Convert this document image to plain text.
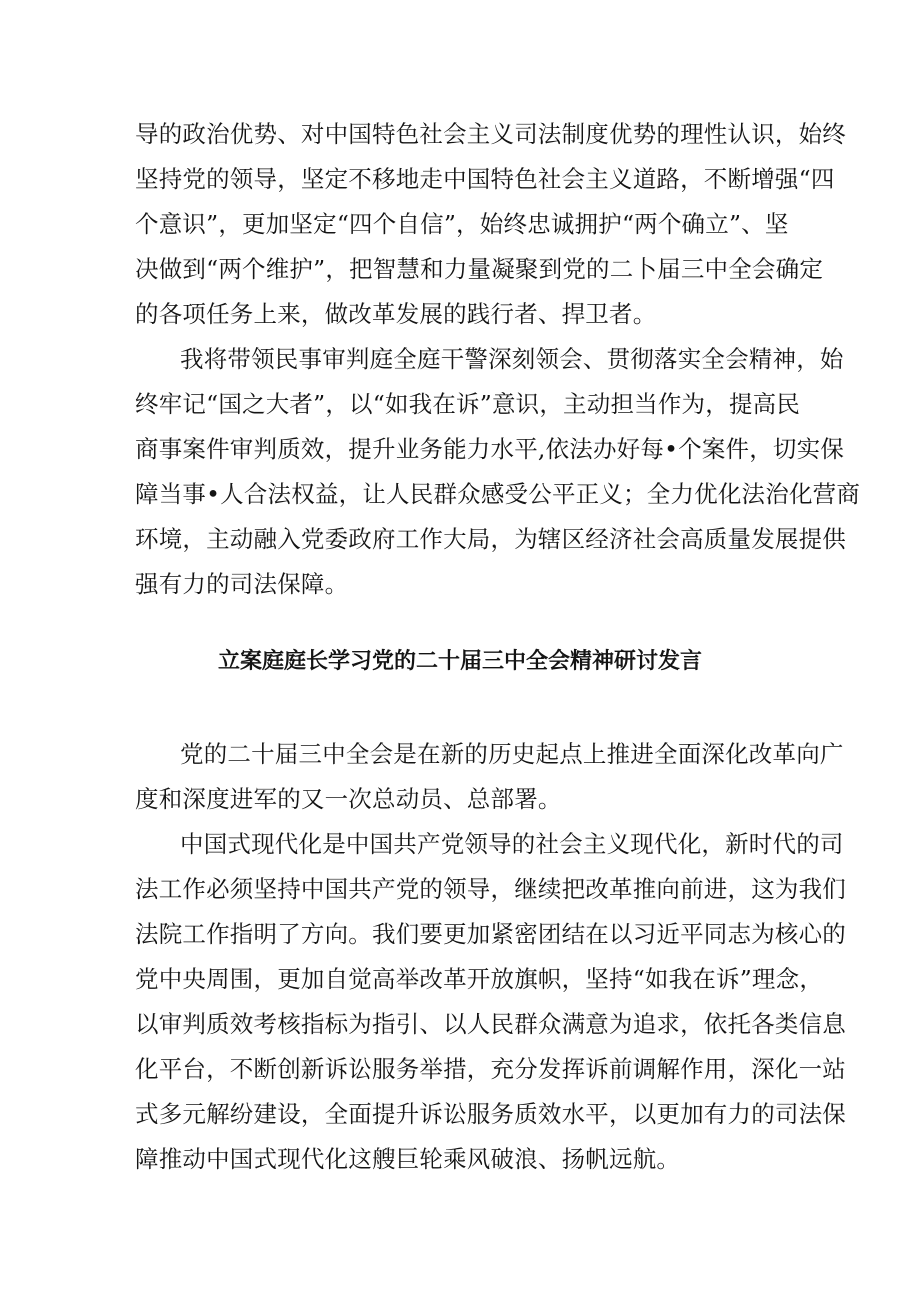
导的政治优势、对中国特色社会主义司法制度优势的理性认识，始终
坚持党的领导，坚定不移地走中国特色社会主义道路，不断增强“四
个意识”，更加坚定“四个自信”，始终忠诚拥护“两个确立”、坚
决做到“两个维护”，把智慧和力量凝聚到党的二卜届三中全会确定
的各项任务上来，做改革发展的践行者、捍卫者。
我将带领民事审判庭全庭干警深刻领会、贯彻落实全会精神，始
终牢记“国之大者”，以“如我在诉”意识，主动担当作为，提高民
商事案件审判质效，提升业务能力水平,依法办好每•个案件，切实保
障当事•人合法权益，让人民群众感受公平正义；全力优化法治化营商
环境，主动融入党委政府工作大局，为辖区经济社会高质量发展提供
强有力的司法保障。
立案庭庭长学习党的二十届三中全会精神研讨发言
党的二十届三中全会是在新的历史起点上推进全面深化改革向广
度和深度进军的又一次总动员、总部署。
中国式现代化是中国共产党领导的社会主义现代化，新时代的司
法工作必须坚持中国共产党的领导，继续把改革推向前进，这为我们
法院工作指明了方向。我们要更加紧密团结在以习近平同志为核心的
党中央周围，更加自觉高举改革开放旗帜，坚持“如我在诉”理念，
以审判质效考核指标为指引、以人民群众满意为追求，依托各类信息
化平台，不断创新诉讼服务举措，充分发挥诉前调解作用，深化一站
式多元解纷建设，全面提升诉讼服务质效水平，以更加有力的司法保
障推动中国式现代化这艘巨轮乘风破浪、扬帆远航。
